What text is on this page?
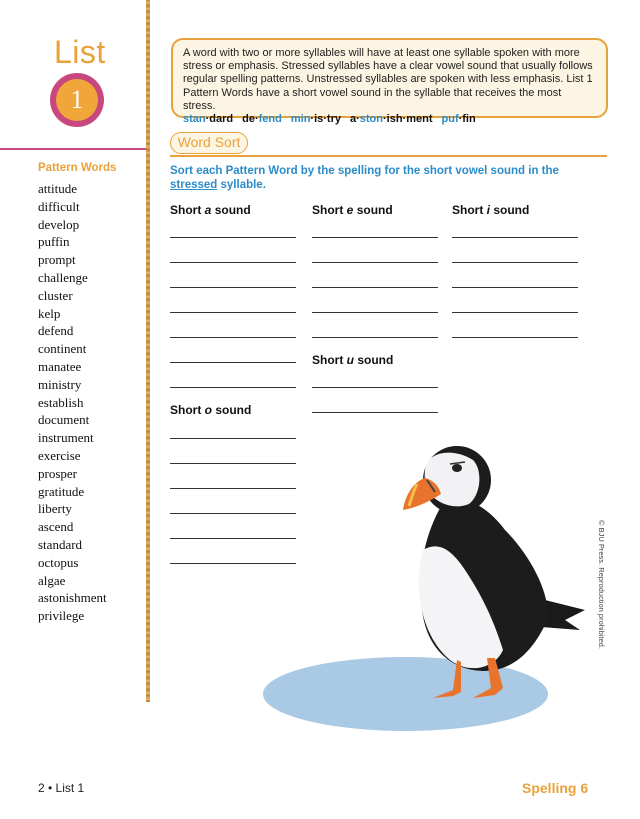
List
1
Pattern Words
attitude
difficult
develop
puffin
prompt
challenge
cluster
kelp
defend
continent
manatee
ministry
establish
document
instrument
exercise
prosper
gratitude
liberty
ascend
standard
octopus
algae
astonishment
privilege
A word with two or more syllables will have at least one syllable spoken with more stress or emphasis. Stressed syllables have a clear vowel sound that usually follows regular spelling patterns. Unstressed syllables are spoken with less emphasis. List 1 Pattern Words have a short vowel sound in the syllable that receives the most stress.
stan·dard de·fend min·is·try a·ston·ish·ment puf·fin
Word Sort
Sort each Pattern Word by the spelling for the short vowel sound in the stressed syllable.
Short a sound	Short e sound	Short i sound
Short u sound
Short o sound
© BJU Press. Reproduction prohibited.
2 • List 1	Spelling 6
